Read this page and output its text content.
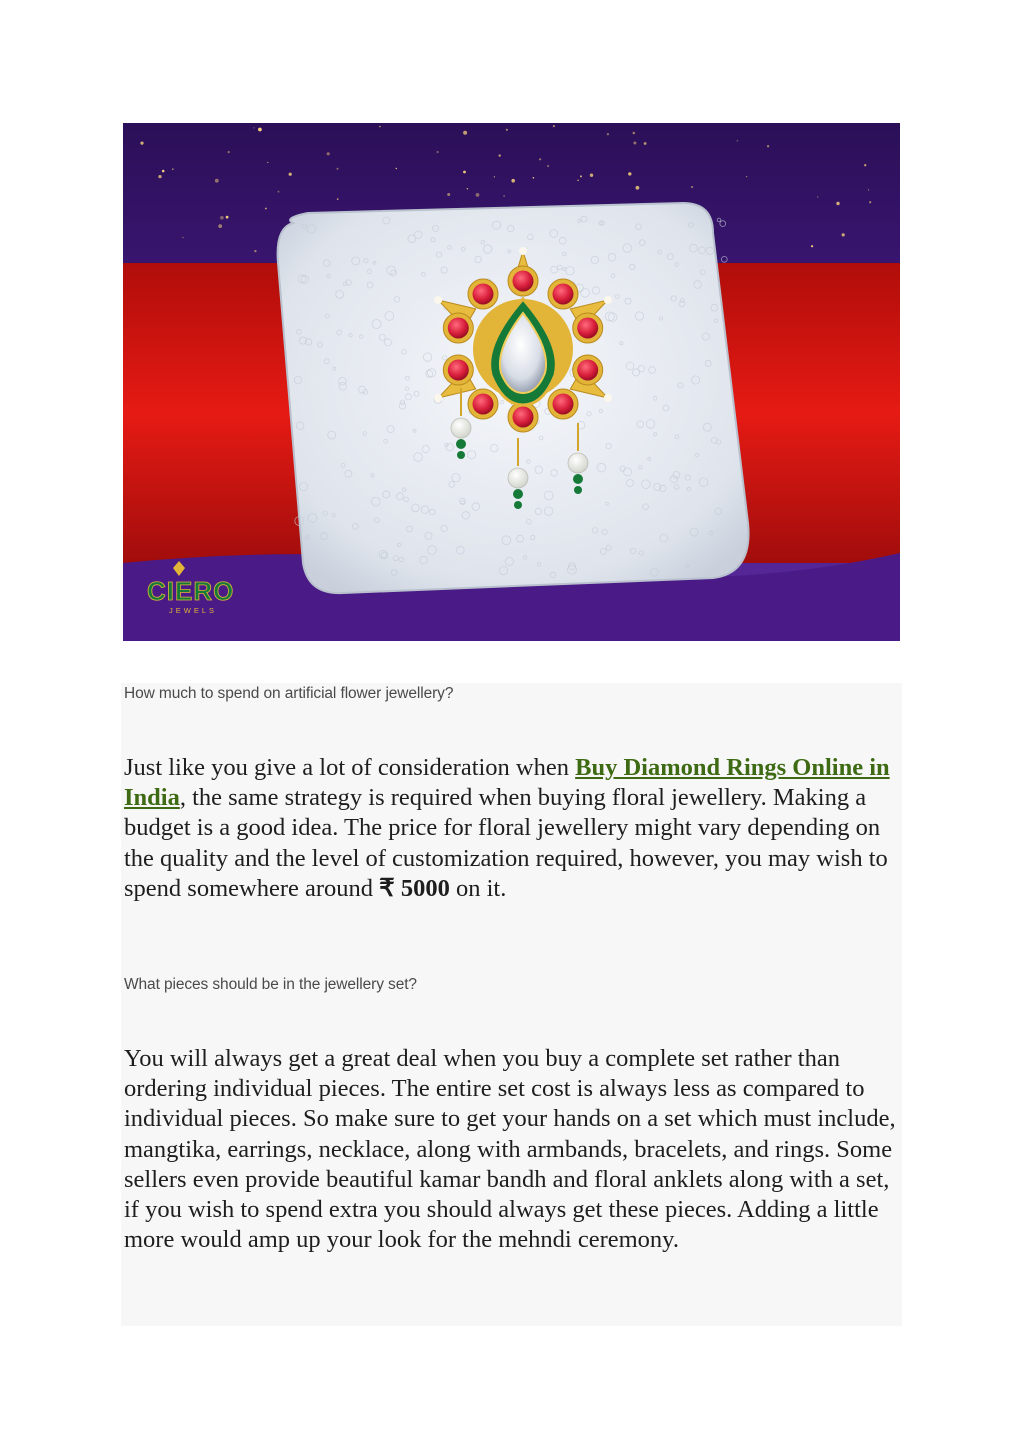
CIERO
JEWELS

How much to spend on artificial flower jewellery?

Just like you give a lot of consideration when Buy Diamond Rings Online in India, the same strategy is required when buying floral jewellery. Making a budget is a good idea. The price for floral jewellery might vary depending on the quality and the level of customization required, however, you may wish to spend somewhere around ₹ 5000 on it.

What pieces should be in the jewellery set?

You will always get a great deal when you buy a complete set rather than ordering individual pieces. The entire set cost is always less as compared to individual pieces. So make sure to get your hands on a set which must include, mangtika, earrings, necklace, along with armbands, bracelets, and rings. Some sellers even provide beautiful kamar bandh and floral anklets along with a set, if you wish to spend extra you should always get these pieces. Adding a little more would amp up your look for the mehndi ceremony.
